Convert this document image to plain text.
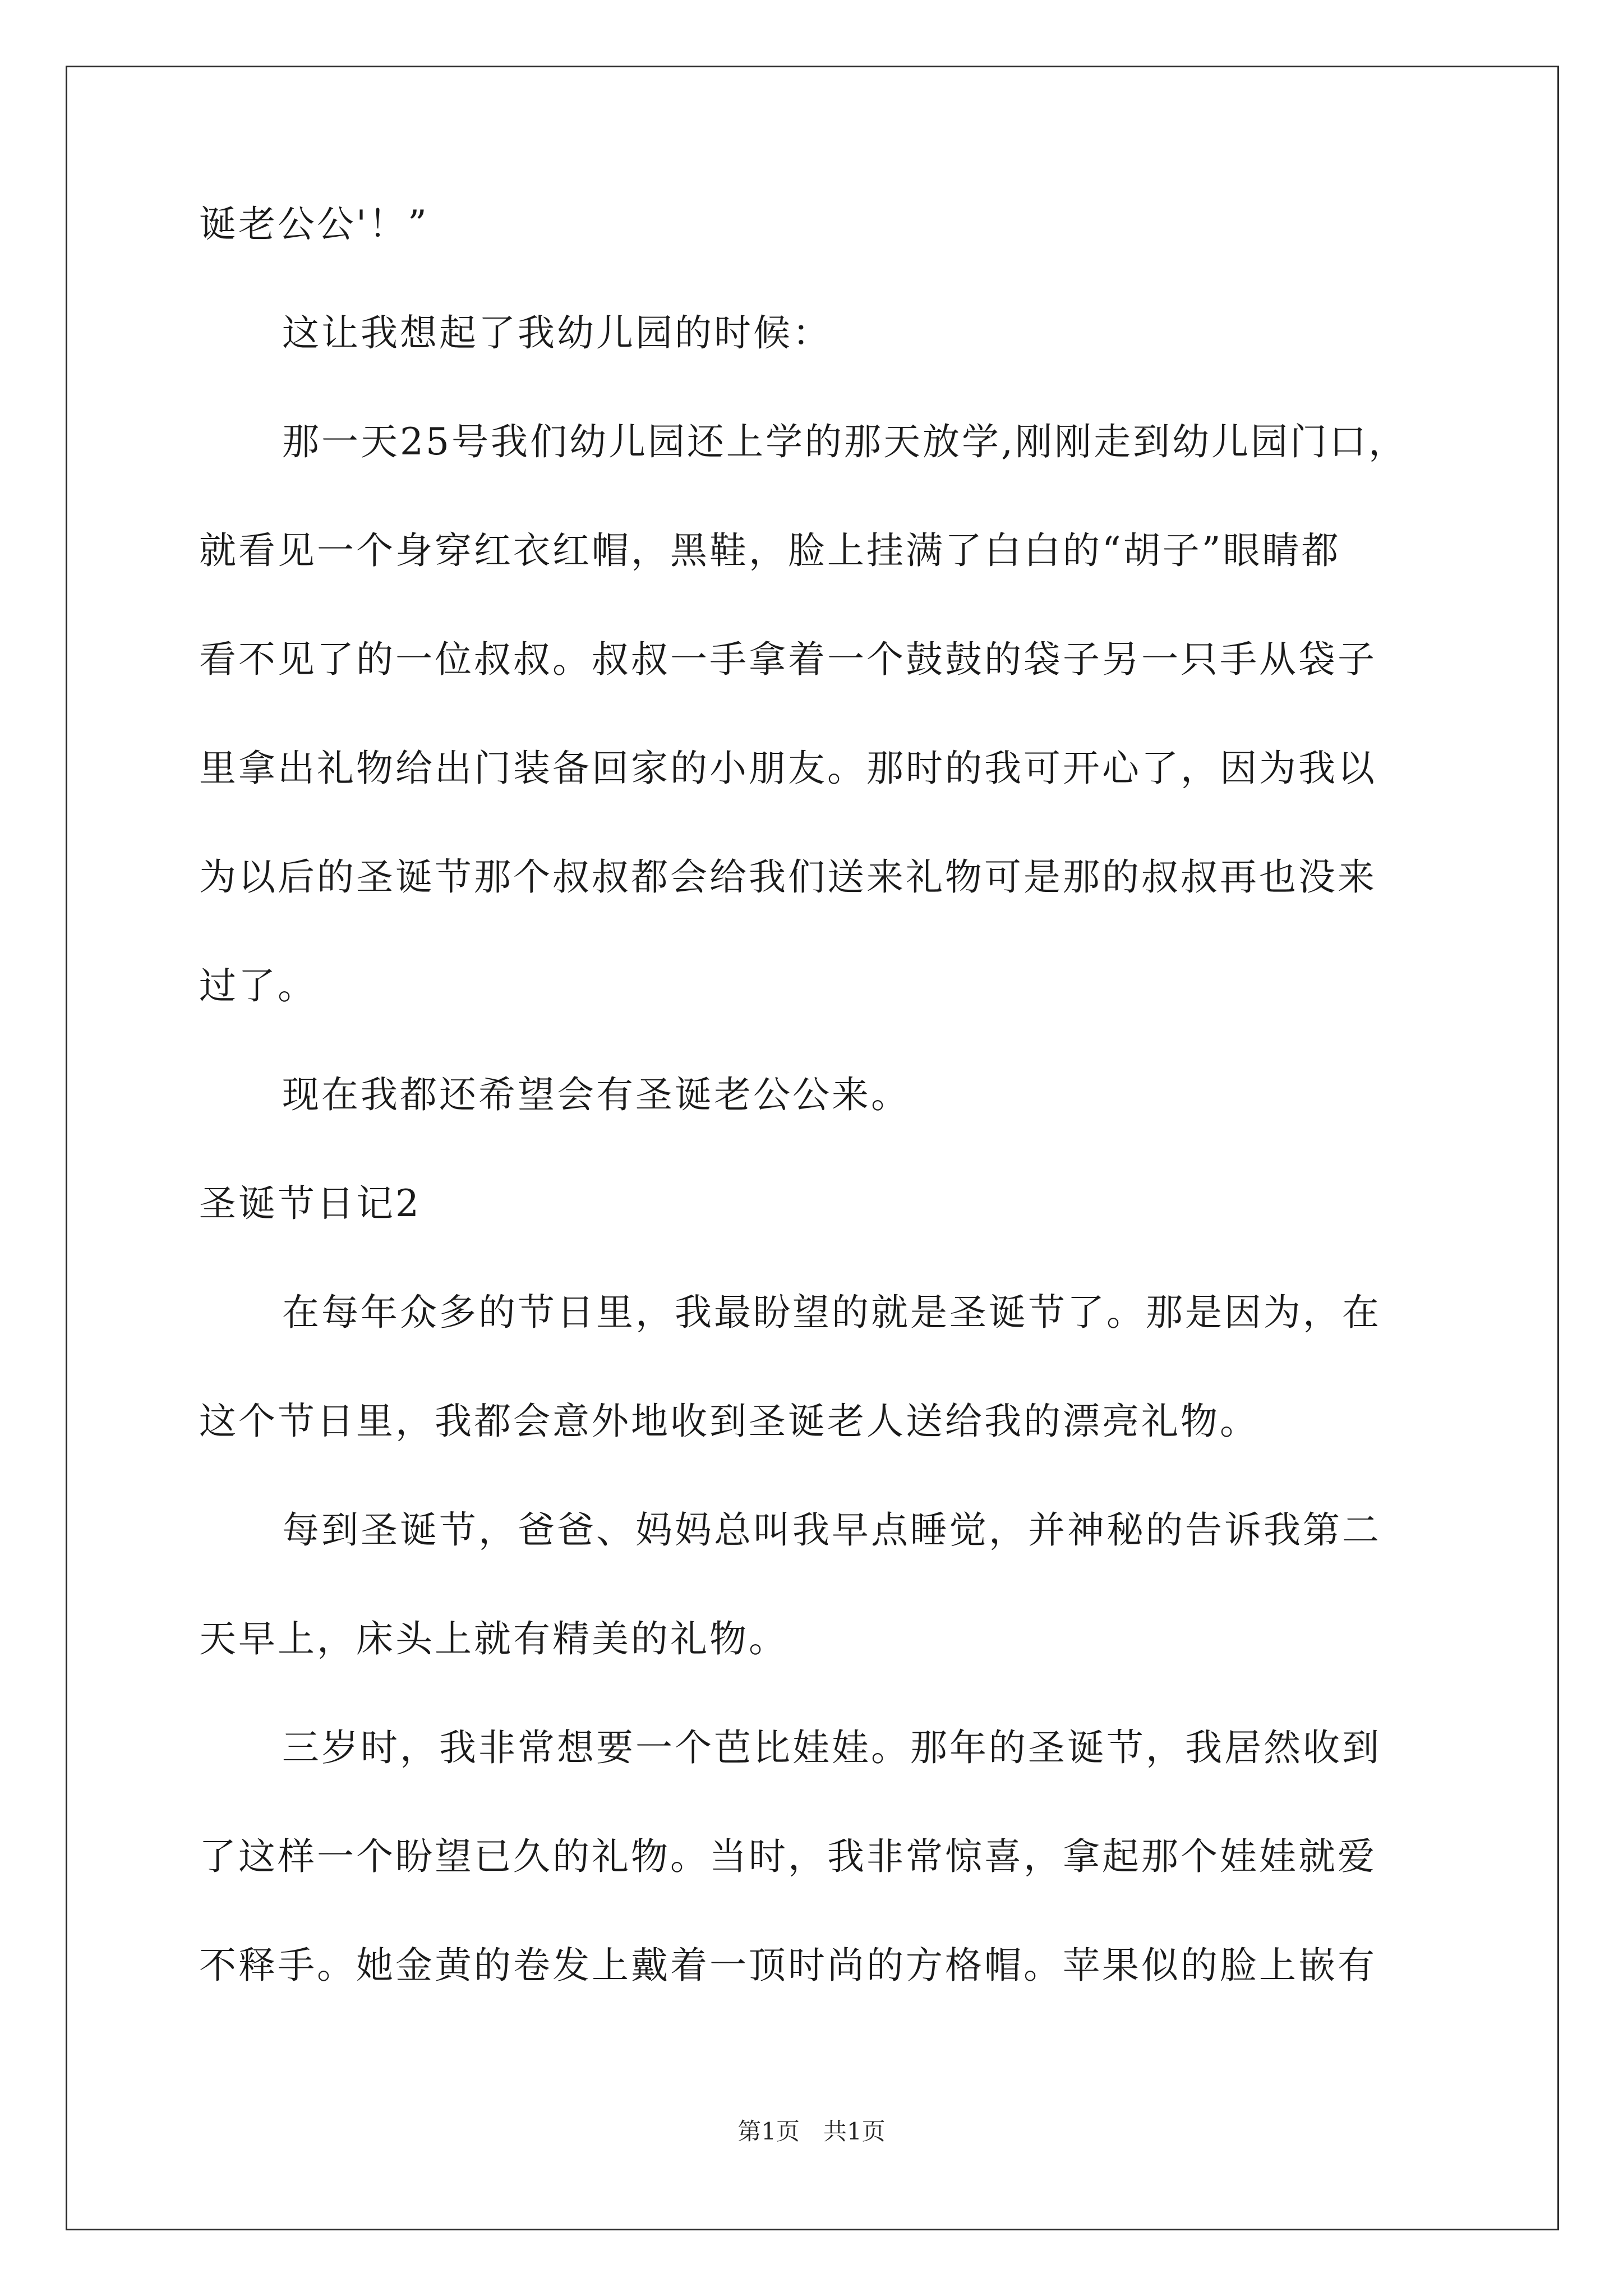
诞老公公'！”
这让我想起了我幼儿园的时候：
那一天25号我们幼儿园还上学的那天放学,刚刚走到幼儿园门口，
就看见一个身穿红衣红帽，黑鞋，脸上挂满了白白的“胡子”眼睛都
看不见了的一位叔叔。叔叔一手拿着一个鼓鼓的袋子另一只手从袋子
里拿出礼物给出门装备回家的小朋友。那时的我可开心了，因为我以
为以后的圣诞节那个叔叔都会给我们送来礼物可是那的叔叔再也没来
过了。
现在我都还希望会有圣诞老公公来。
圣诞节日记2
在每年众多的节日里，我最盼望的就是圣诞节了。那是因为，在
这个节日里，我都会意外地收到圣诞老人送给我的漂亮礼物。
每到圣诞节，爸爸、妈妈总叫我早点睡觉，并神秘的告诉我第二
天早上，床头上就有精美的礼物。
三岁时，我非常想要一个芭比娃娃。那年的圣诞节，我居然收到
了这样一个盼望已久的礼物。当时，我非常惊喜，拿起那个娃娃就爱
不释手。她金黄的卷发上戴着一顶时尚的方格帽。苹果似的脸上嵌有
第1页　共1页
